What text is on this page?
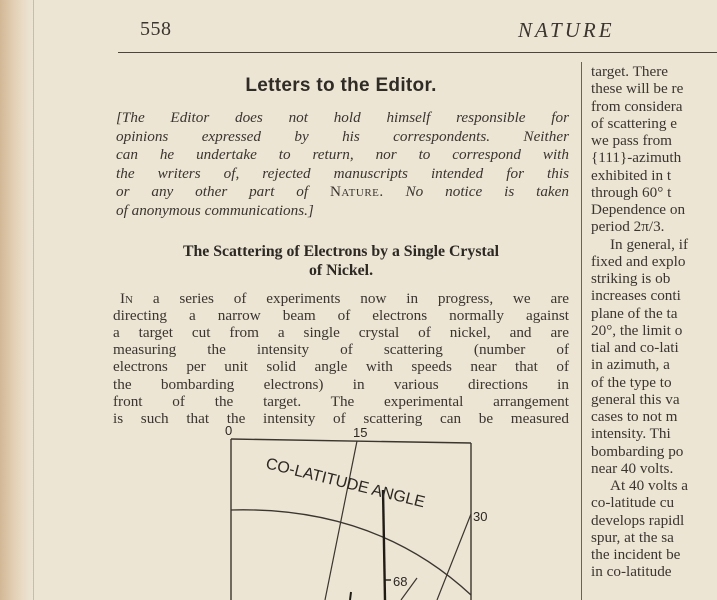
558	NATURE
Letters to the Editor.
[The Editor does not hold himself responsible for
opinions expressed by his correspondents. Neither
can he undertake to return, nor to correspond with
the writers of, rejected manuscripts intended for this
or any other part of Nature. No notice is taken
of anonymous communications.]
The Scattering of Electrons by a Single Crystal
of Nickel.
In a series of experiments now in progress, we are
directing a narrow beam of electrons normally against
a target cut from a single crystal of nickel, and are
measuring the intensity of scattering (number of
electrons per unit solid angle with speeds near that of
the bombarding electrons) in various directions in
front of the target. The experimental arrangement
is such that the intensity of scattering can be measured
0	15
30
CO-LATITUDE ANGLE
68
target. There
these will be re
from considera
of scattering e
we pass from
{111}-azimuth
exhibited in t
through 60° t
Dependence on
period 2π/3.
In general, if
fixed and explo
striking is ob
increases conti
plane of the ta
20°, the limit o
tial and co-lati
in azimuth, a
of the type to
general this va
cases to not m
intensity. Thi
bombarding po
near 40 volts.
At 40 volts a
co-latitude cu
develops rapidl
spur, at the sa
the incident be
in co-latitude
